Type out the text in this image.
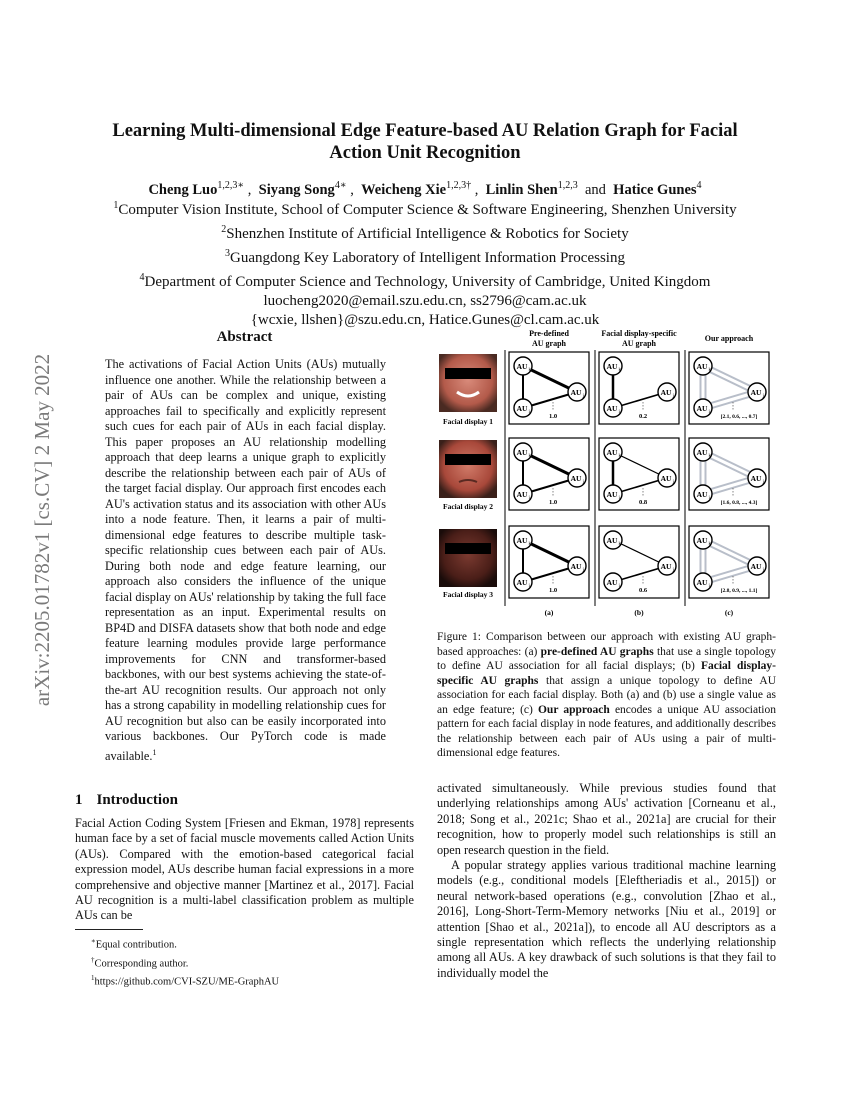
arXiv:2205.01782v1 [cs.CV] 2 May 2022
Learning Multi-dimensional Edge Feature-based AU Relation Graph for Facial
Action Unit Recognition
Cheng Luo$^{1,2,3∗}$ ,  Siyang Song$^{4∗}$ ,  Weicheng Xie$^{1,2,3\dagger}$ ,  Linlin Shen$^{1,2,3}$ and Hatice Gunes$^4$
$^1$Computer Vision Institute, School of Computer Science & Software Engineering, Shenzhen University
$^2$Shenzhen Institute of Artificial Intelligence & Robotics for Society
$^3$Guangdong Key Laboratory of Intelligent Information Processing
$^4$Department of Computer Science and Technology, University of Cambridge, United Kingdom
luocheng2020@email.szu.edu.cn, ss2796@cam.ac.uk
{wcxie, llshen}@szu.edu.cn, Hatice.Gunes@cl.cam.ac.uk
Abstract
The activations of Facial Action Units (AUs) mutually influence one another. While the relationship between a pair of AUs can be complex and unique, existing approaches fail to specifically and explicitly represent such cues for each pair of AUs in each facial display. This paper proposes an AU relationship modelling approach that deep learns a unique graph to explicitly describe the relationship between each pair of AUs of the target facial display. Our approach first encodes each AU's activation status and its association with other AUs into a node feature. Then, it learns a pair of multi-dimensional edge features to describe multiple task-specific relationship cues between each pair of AUs. During both node and edge feature learning, our approach also considers the influence of the unique facial display on AUs' relationship by taking the full face representation as an input. Experimental results on BP4D and DISFA datasets show that both node and edge feature learning modules provide large performance improvements for CNN and transformer-based backbones, with our best systems achieving the state-of-the-art AU recognition results. Our approach not only has a strong capability in modelling relationship cues for AU recognition but also can be easily incorporated into various backbones. Our PyTorch code is made available.$^1$
1 Introduction

Facial Action Coding System [Friesen and Ekman, 1978] represents human face by a set of facial muscle movements called Action Units (AUs). Compared with the emotion-based categorical facial expression model, AUs describe human facial expressions in a more comprehensive and objective manner [Martinez et al., 2017]. Facial AU recognition is a multi-label classification problem as multiple AUs can be

∗Equal contribution.
†Corresponding author.
$^1$https://github.com/CVI-SZU/ME-GraphAU
Pre-defined
AU graph
Facial display-specific
AU graph
Our approach
Facial display 1
Facial display 2
Facial display 3
AU k
AU j
AU i
1.0
AU k
AU j
AU i
0.2
AU k
AU j
AU i
[2.1, 0.6, ..., 0.7]
AU k
AU j
AU i
1.0
AU k
AU j
AU i
0.8
AU k
AU j
AU i
[1.6, 0.8, ..., 4.3]
AU k
AU j
AU i
1.0
AU k
AU j
AU i
0.6
AU k
AU j
AU i
[2.8, 0.9, ..., 1.1]
(a)	(b)	(c)
Figure 1: Comparison between our approach with existing AU graph-based approaches: (a) pre-defined AU graphs that use a single topology to define AU association for all facial displays; (b) Facial display-specific AU graphs that assign a unique topology to define AU association for each facial display. Both (a) and (b) use a single value as an edge feature; (c) Our approach encodes a unique AU association pattern for each facial display in node features, and additionally describes the relationship between each pair of AUs using a pair of multi-dimensional edge features.

activated simultaneously. While previous studies found that underlying relationships among AUs' activation [Corneanu et al., 2018; Song et al., 2021c; Shao et al., 2021a] are crucial for their recognition, how to properly model such relationships is still an open research question in the field.

A popular strategy applies various traditional machine learning models (e.g., conditional models [Eleftheriadis et al., 2015]) or neural network-based operations (e.g., convolution [Zhao et al., 2016], Long-Short-Term-Memory networks [Niu et al., 2019] or attention [Shao et al., 2021a]), to encode all AU descriptors as a single representation which reflects the underlying relationship among all AUs. A key drawback of such solutions is that they fail to individually model the
